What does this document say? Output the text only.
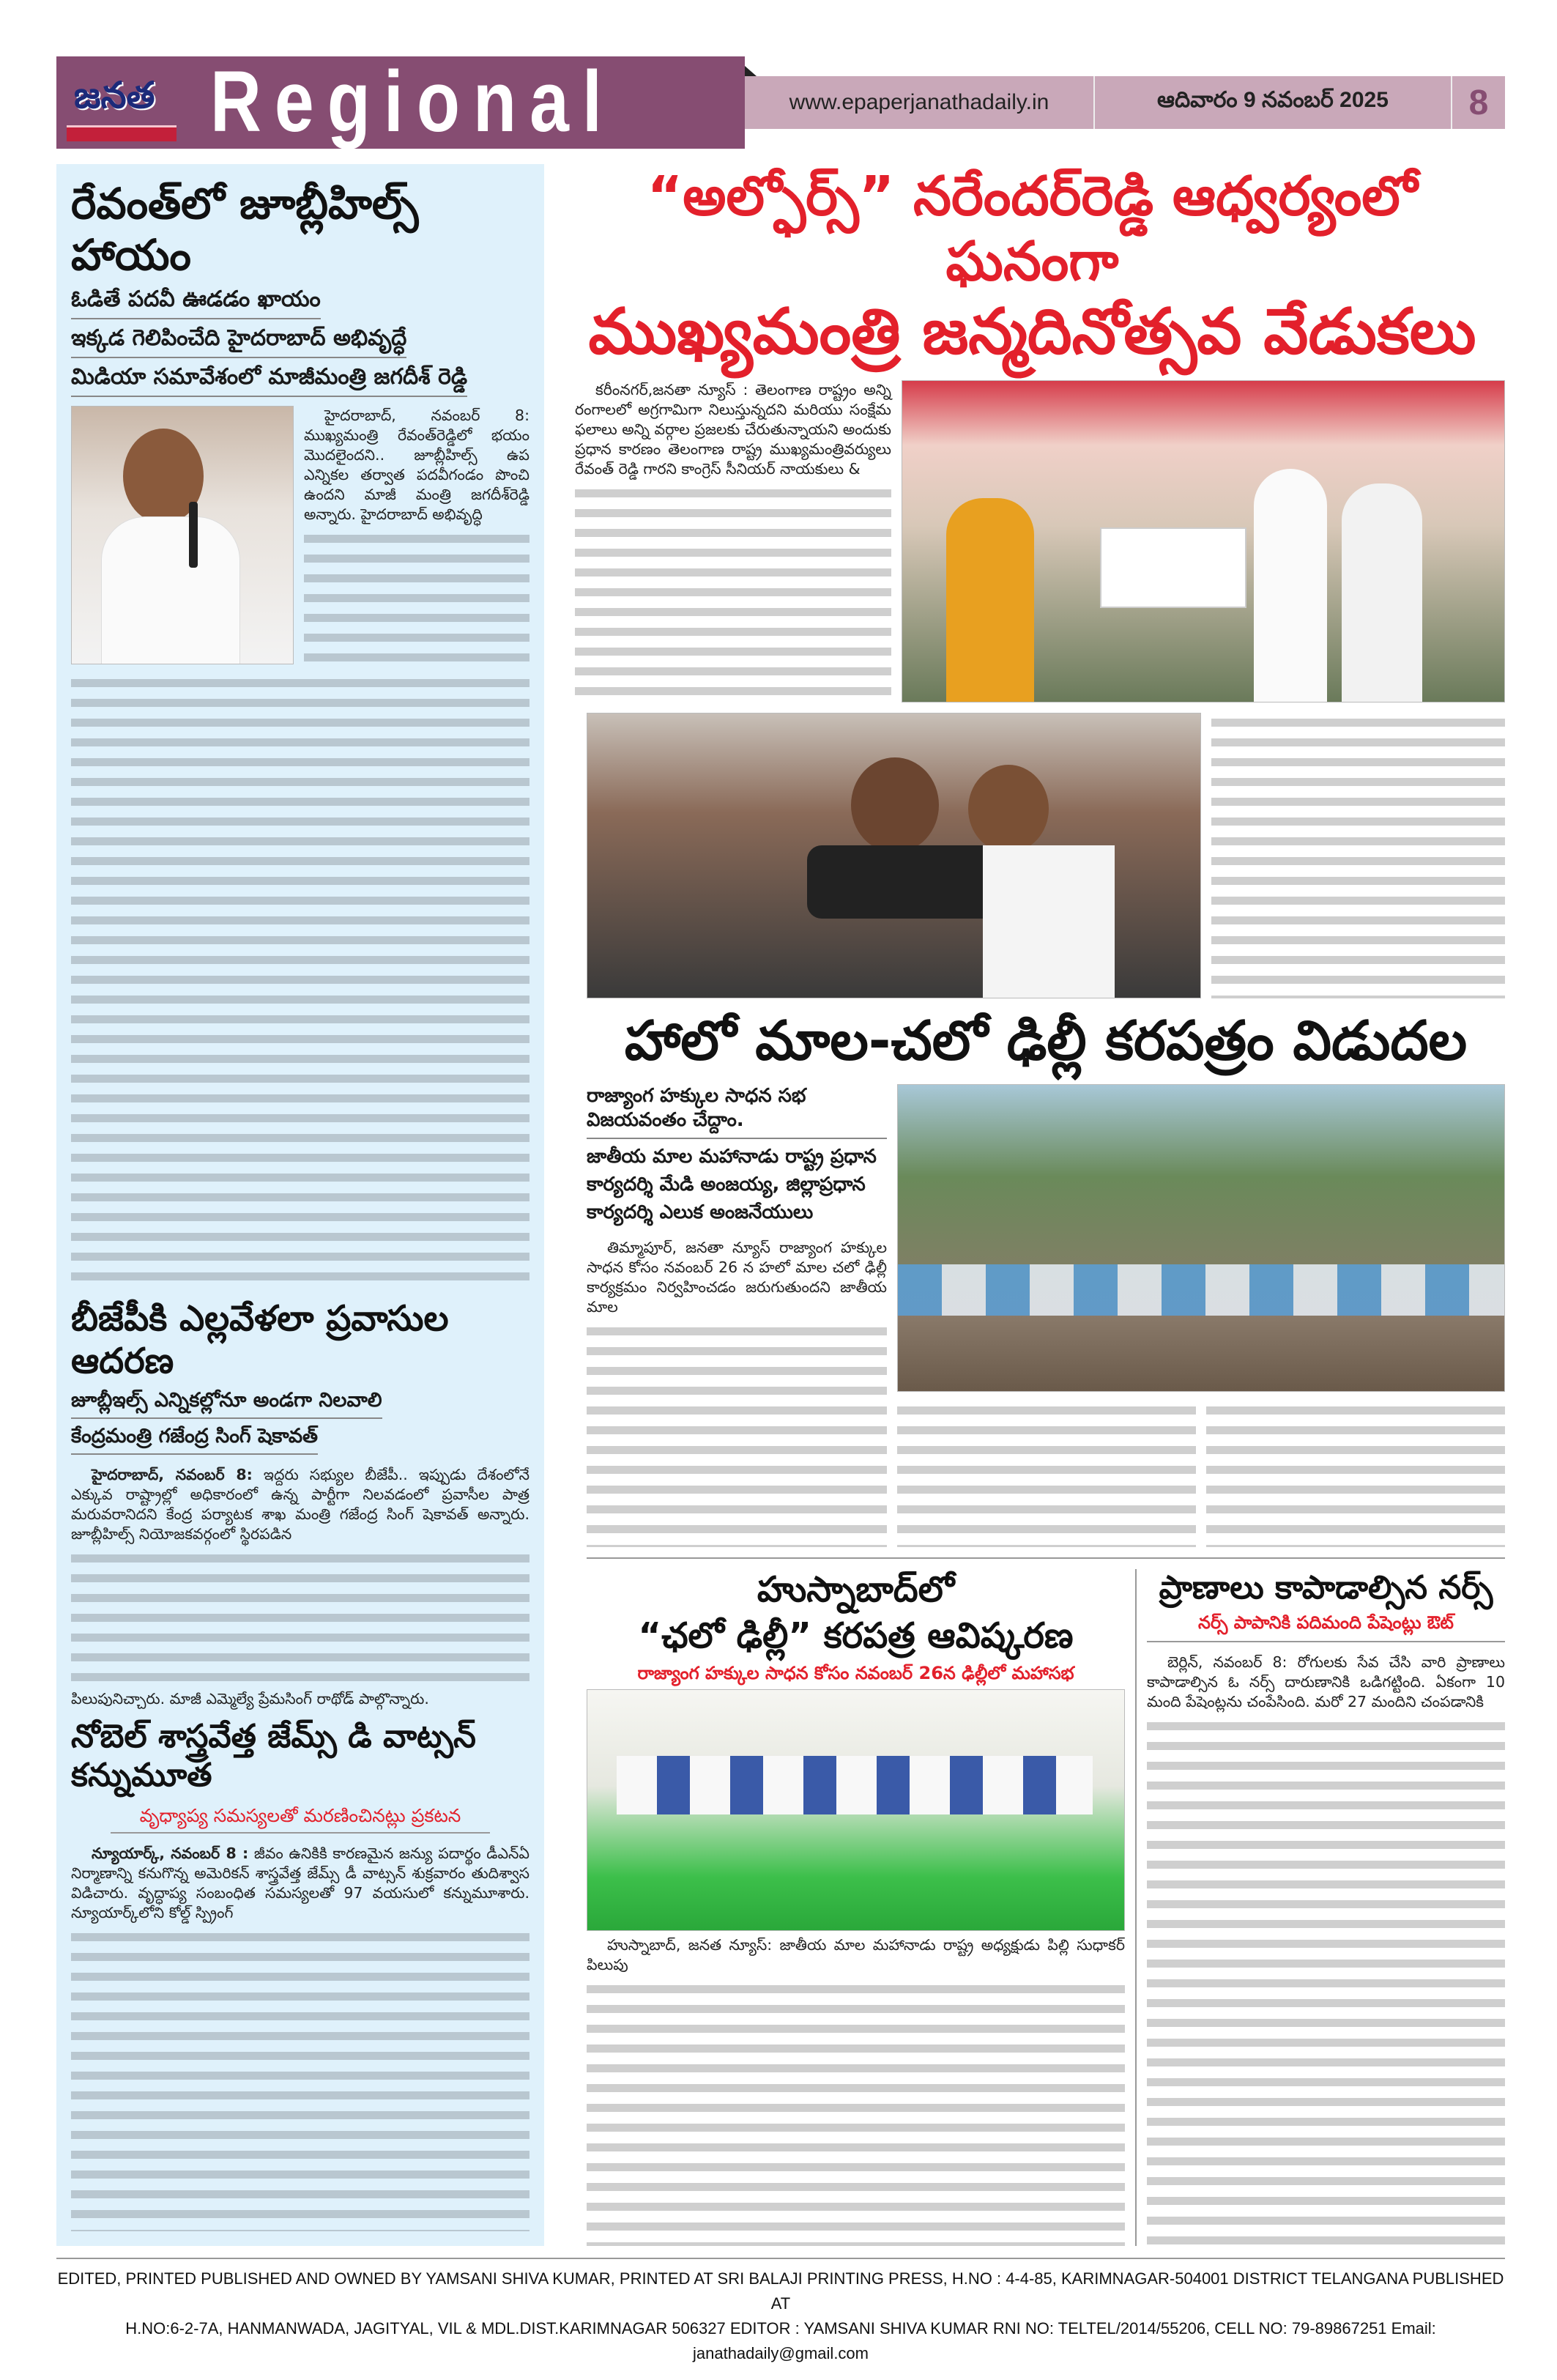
జనత Regional	www.epaperjanathadaily.in	ఆదివారం 9 నవంబర్ 2025	8
రేవంత్‌లో జూబ్లీహిల్స్ హాయం
ఓడితే పదవీ ఊడడం ఖాయం
ఇక్కడ గెలిపించేది హైదరాబాద్ అభివృద్ధే
మిడియా సమావేశంలో మాజీమంత్రి జగదీశ్ రెడ్డి
హైదరాబాద్, నవంబర్ 8: ముఖ్యమంత్రి రేవంత్‌రెడ్డిలో భయం మొదలైందని.. జూబ్లీహిల్స్ ఉప ఎన్నికల తర్వాత పదవీగండం పొంచి ఉందని మాజీ మంత్రి జగదీశ్‌రెడ్డి అన్నారు. హైదరాబాద్ అభివృద్ధి
బీజేపీకి ఎల్లవేళలా ప్రవాసుల ఆదరణ
జూబ్లీఇల్స్ ఎన్నికల్లోనూ అండగా నిలవాలి
కేంద్రమంత్రి గజేంద్ర సింగ్ షెకావత్
హైదరాబాద్, నవంబర్ 8: ఇద్దరు సభ్యుల బీజేపీ.. ఇప్పుడు దేశంలోనే ఎక్కువ రాష్ట్రాల్లో అధికారంలో ఉన్న పార్టీగా నిలవడంలో ప్రవాసీల పాత్ర మరువరానిదని కేంద్ర పర్యాటక శాఖ మంత్రి గజేంద్ర సింగ్ షెకావత్ అన్నారు. జూబ్లీహిల్స్ నియోజకవర్గంలో స్థిరపడిన
పిలుపునిచ్చారు. మాజీ ఎమ్మెల్యే ప్రేమసింగ్ రాథోడ్ పాల్గొన్నారు.
నోబెల్ శాస్త్రవేత్త జేమ్స్ డి వాట్సన్ కన్నుమూత
వృధ్యాప్య సమస్యలతో మరణించినట్లు ప్రకటన
న్యూయార్క్, నవంబర్ 8 : జీవం ఉనికికి కారణమైన జన్యు పదార్థం డీఎన్‌ఏ నిర్మాణాన్ని కనుగొన్న అమెరికన్ శాస్త్రవేత్త జేమ్స్ డీ వాట్సన్ శుక్రవారం తుదిశ్వాస విడిచారు. వృద్ధాప్య సంబంధిత సమస్యలతో 97 వయసులో కన్నుమూశారు. న్యూయార్క్‌లోని కోల్డ్ స్ప్రింగ్
“అల్ఫోర్స్” నరేందర్‌రెడ్డి ఆధ్వర్యంలో ఘనంగా
ముఖ్యమంత్రి జన్మదినోత్సవ వేడుకలు
కరీంనగర్,జనతా న్యూస్ : తెలంగాణ రాష్ట్రం అన్ని రంగాలలో అగ్రగామిగా నిలుస్తున్నదని మరియు సంక్షేమ ఫలాలు అన్ని వర్గాల ప్రజలకు చేరుతున్నాయని అందుకు ప్రధాన కారణం తెలంగాణ రాష్ట్ర ముఖ్యమంత్రివర్యులు రేవంత్ రెడ్డి గారని కాంగ్రెస్ సీనియర్ నాయకులు &
హాలో మాల-చలో ఢిల్లీ కరపత్రం విడుదల
రాజ్యాంగ హక్కుల సాధన సభ విజయవంతం చేద్దాం.
జాతీయ మాల మహానాడు రాష్ట్ర ప్రధాన కార్యదర్శి మేడి అంజయ్య, జిల్లాప్రధాన కార్యదర్శి ఎలుక అంజనేయులు
తిమ్మాపూర్, జనతా న్యూస్ రాజ్యాంగ హక్కుల సాధన కోసం నవంబర్ 26 న హలో మాల చలో ఢిల్లీ కార్యక్రమం నిర్వహించడం జరుగుతుందని జాతీయ మాల
హుస్నాబాద్‌లో
“ఛలో ఢిల్లీ” కరపత్ర ఆవిష్కరణ
రాజ్యాంగ హక్కుల సాధన కోసం నవంబర్ 26న ఢిల్లీలో మహాసభ
హుస్నాబాద్, జనత న్యూస్: జాతీయ మాల మహానాడు రాష్ట్ర అధ్యక్షుడు పిల్లి సుధాకర్ పిలుపు
ప్రాణాలు కాపాడాల్సిన నర్స్
నర్స్ పాపానికి పదిమంది పేషెంట్లు ఔట్
బెర్లిన్, నవంబర్ 8: రోగులకు సేవ చేసి వారి ప్రాణాలు కాపాడాల్సిన ఓ నర్స్ దారుణానికి ఒడిగట్టింది. ఏకంగా 10 మంది పేషెంట్లను చంపేసింది. మరో 27 మందిని చంపడానికి
EDITED, PRINTED PUBLISHED AND OWNED BY YAMSANI SHIVA KUMAR, PRINTED AT SRI BALAJI PRINTING PRESS, H.NO : 4-4-85, KARIMNAGAR-504001 DISTRICT TELANGANA PUBLISHED AT
H.NO:6-2-7A, HANMANWADA, JAGITYAL, VIL & MDL.DIST.KARIMNAGAR 506327 EDITOR : YAMSANI SHIVA KUMAR RNI NO: TELTEL/2014/55206, CELL NO: 79-89867251 Email: janathadaily@gmail.com
